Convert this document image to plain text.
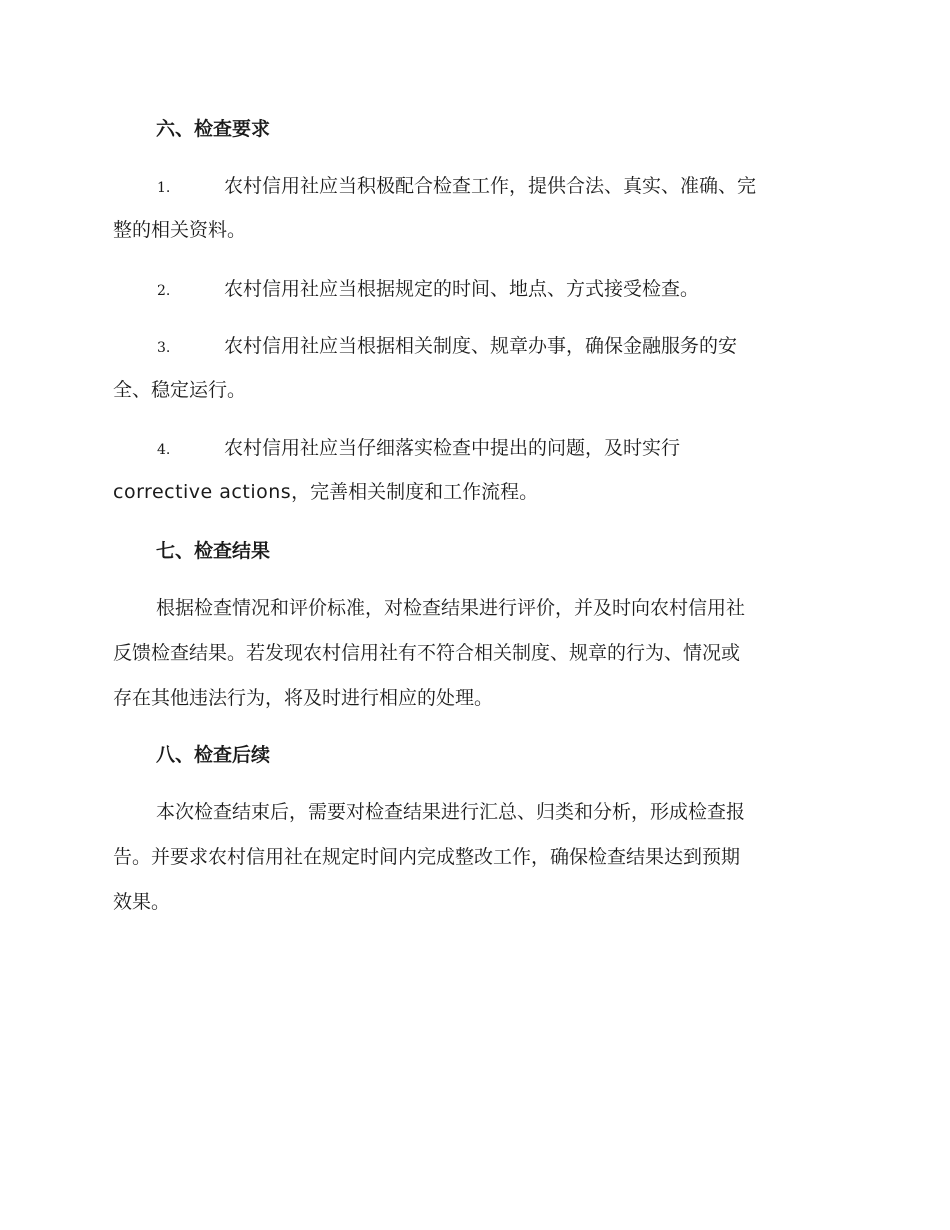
六、检查要求
1.	农村信用社应当积极配合检查工作，提供合法、真实、准确、完
整的相关资料。
2.	农村信用社应当根据规定的时间、地点、方式接受检查。
3.	农村信用社应当根据相关制度、规章办事，确保金融服务的安
全、稳定运行。
4.	农村信用社应当仔细落实检查中提出的问题，及时实行
corrective actions，完善相关制度和工作流程。
七、检查结果
根据检查情况和评价标准，对检查结果进行评价，并及时向农村信用社
反馈检查结果。若发现农村信用社有不符合相关制度、规章的行为、情况或
存在其他违法行为，将及时进行相应的处理。
八、检查后续
本次检查结束后，需要对检查结果进行汇总、归类和分析，形成检查报
告。并要求农村信用社在规定时间内完成整改工作，确保检查结果达到预期
效果。
